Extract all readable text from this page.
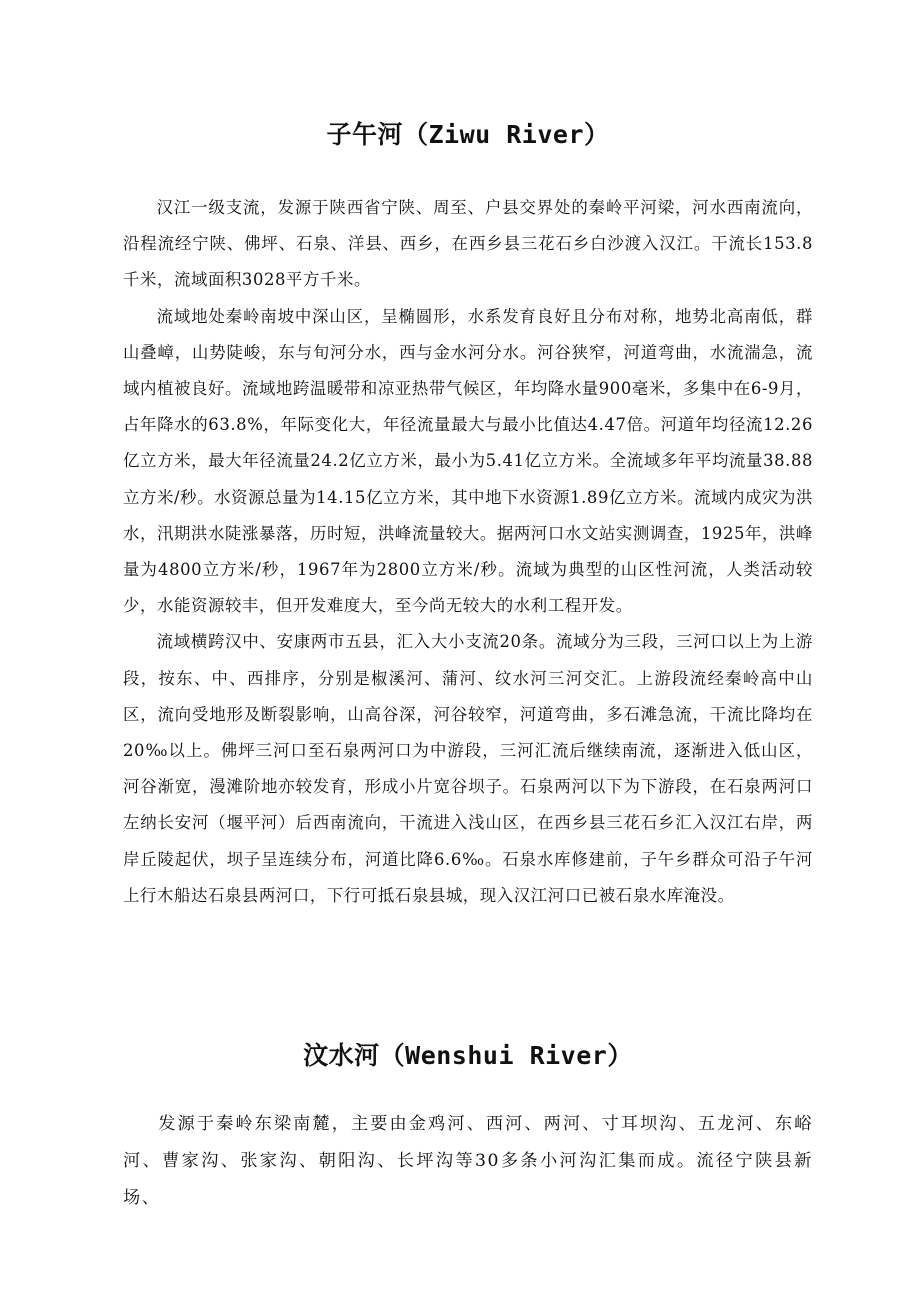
子午河（Ziwu River）

汉江一级支流，发源于陕西省宁陕、周至、户县交界处的秦岭平河梁，河水西南流向，沿程流经宁陕、佛坪、石泉、洋县、西乡，在西乡县三花石乡白沙渡入汉江。干流长153.8千米，流域面积3028平方千米。

流域地处秦岭南坡中深山区，呈椭圆形，水系发育良好且分布对称，地势北高南低，群山叠嶂，山势陡峻，东与旬河分水，西与金水河分水。河谷狭窄，河道弯曲，水流湍急，流域内植被良好。流域地跨温暖带和凉亚热带气候区，年均降水量900毫米，多集中在6-9月，占年降水的63.8%，年际变化大，年径流量最大与最小比值达4.47倍。河道年均径流12.26亿立方米，最大年径流量24.2亿立方米，最小为5.41亿立方米。全流域多年平均流量38.88立方米/秒。水资源总量为14.15亿立方米，其中地下水资源1.89亿立方米。流域内成灾为洪水，汛期洪水陡涨暴落，历时短，洪峰流量较大。据两河口水文站实测调查，1925年，洪峰量为4800立方米/秒，1967年为2800立方米/秒。流域为典型的山区性河流，人类活动较少，水能资源较丰，但开发难度大，至今尚无较大的水利工程开发。

流域横跨汉中、安康两市五县，汇入大小支流20条。流域分为三段，三河口以上为上游段，按东、中、西排序，分别是椒溪河、蒲河、纹水河三河交汇。上游段流经秦岭高中山区，流向受地形及断裂影响，山高谷深，河谷较窄，河道弯曲，多石滩急流，干流比降均在20‰以上。佛坪三河口至石泉两河口为中游段，三河汇流后继续南流，逐渐进入低山区，河谷渐宽，漫滩阶地亦较发育，形成小片宽谷坝子。石泉两河以下为下游段，在石泉两河口左纳长安河（堰平河）后西南流向，干流进入浅山区，在西乡县三花石乡汇入汉江右岸，两岸丘陵起伏，坝子呈连续分布，河道比降6.6‰。石泉水库修建前，子午乡群众可沿子午河上行木船达石泉县两河口，下行可抵石泉县城，现入汉江河口已被石泉水库淹没。

汶水河（Wenshui River）

发源于秦岭东梁南麓，主要由金鸡河、西河、两河、寸耳坝沟、五龙河、东峪河、曹家沟、张家沟、朝阳沟、长坪沟等30多条小河沟汇集而成。流径宁陕县新场、
